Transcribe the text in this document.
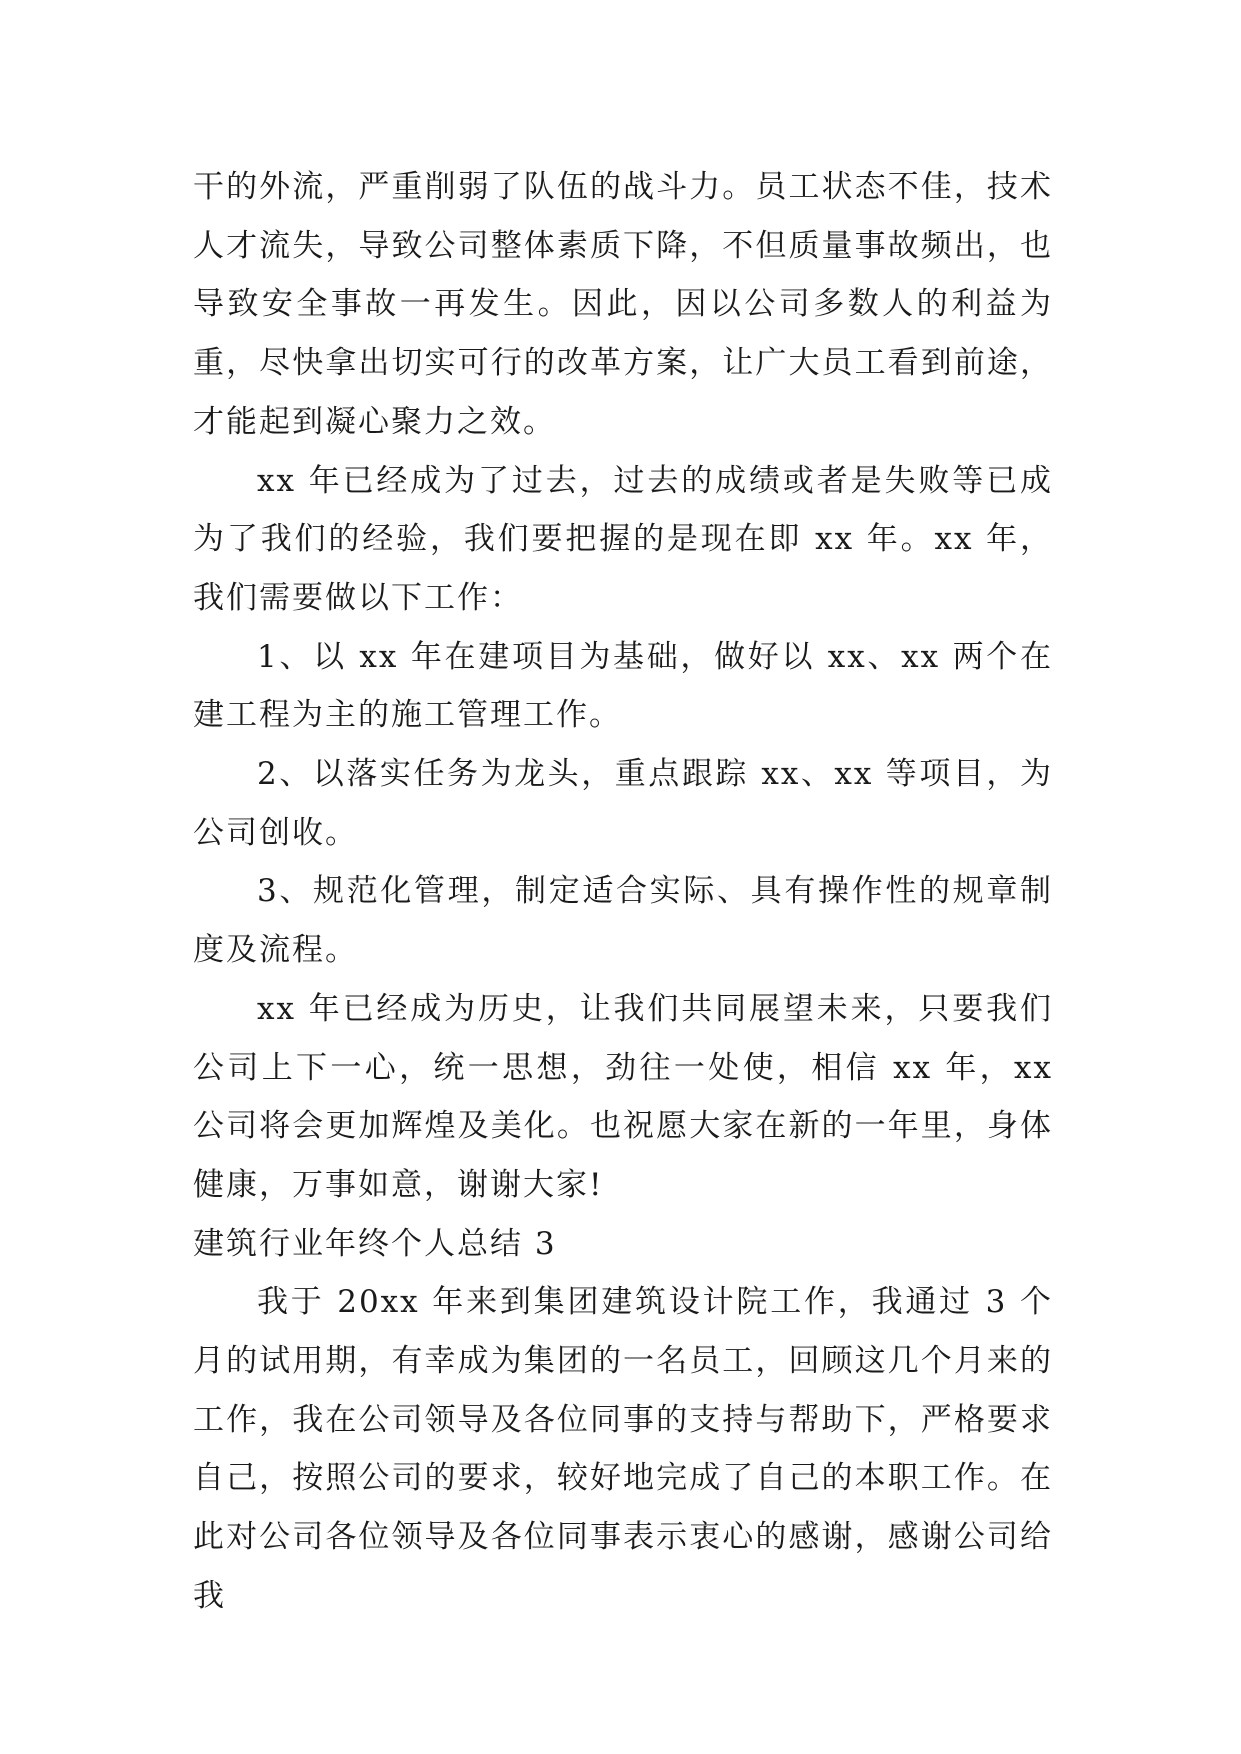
干的外流，严重削弱了队伍的战斗力。员工状态不佳，技术人才流失，导致公司整体素质下降，不但质量事故频出，也导致安全事故一再发生。因此，因以公司多数人的利益为重，尽快拿出切实可行的改革方案，让广大员工看到前途，才能起到凝心聚力之效。

xx 年已经成为了过去，过去的成绩或者是失败等已成为了我们的经验，我们要把握的是现在即 xx 年。xx 年，我们需要做以下工作：

1、以 xx 年在建项目为基础，做好以 xx、xx 两个在建工程为主的施工管理工作。

2、以落实任务为龙头，重点跟踪 xx、xx 等项目，为公司创收。

3、规范化管理，制定适合实际、具有操作性的规章制度及流程。

xx 年已经成为历史，让我们共同展望未来，只要我们公司上下一心，统一思想，劲往一处使，相信 xx 年，xx 公司将会更加辉煌及美化。也祝愿大家在新的一年里，身体健康，万事如意，谢谢大家!

建筑行业年终个人总结 3

我于 20xx 年来到集团建筑设计院工作，我通过 3 个月的试用期，有幸成为集团的一名员工，回顾这几个月来的工作，我在公司领导及各位同事的支持与帮助下，严格要求自己，按照公司的要求，较好地完成了自己的本职工作。在此对公司各位领导及各位同事表示衷心的感谢，感谢公司给我
